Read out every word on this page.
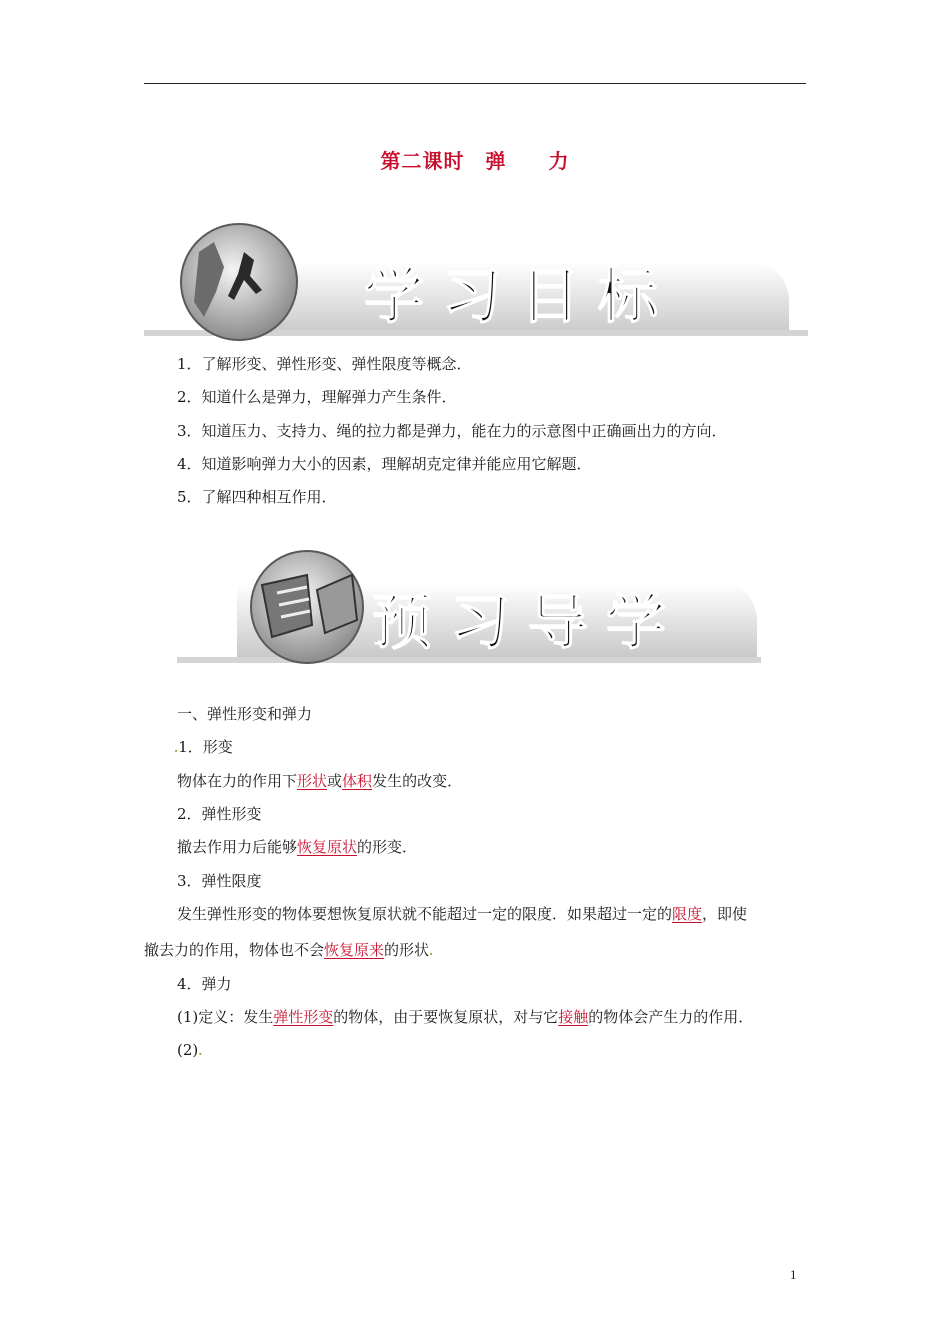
第二课时　弹　　力
学习目标
1．了解形变、弹性形变、弹性限度等概念．
2．知道什么是弹力，理解弹力产生条件．
3．知道压力、支持力、绳的拉力都是弹力，能在力的示意图中正确画出力的方向．
4．知道影响弹力大小的因素，理解胡克定律并能应用它解题．
5．了解四种相互作用．
预习导学
一、弹性形变和弹力
.1．形变
物体在力的作用下形状或体积发生的改变．
2．弹性形变
撤去作用力后能够恢复原状的形变．
3．弹性限度
发生弹性形变的物体要想恢复原状就不能超过一定的限度．如果超过一定的限度，即使
撤去力的作用，物体也不会恢复原来的形状.
4．弹力
(1)定义：发生弹性形变的物体，由于要恢复原状，对与它接触的物体会产生力的作用．
(2).
1
